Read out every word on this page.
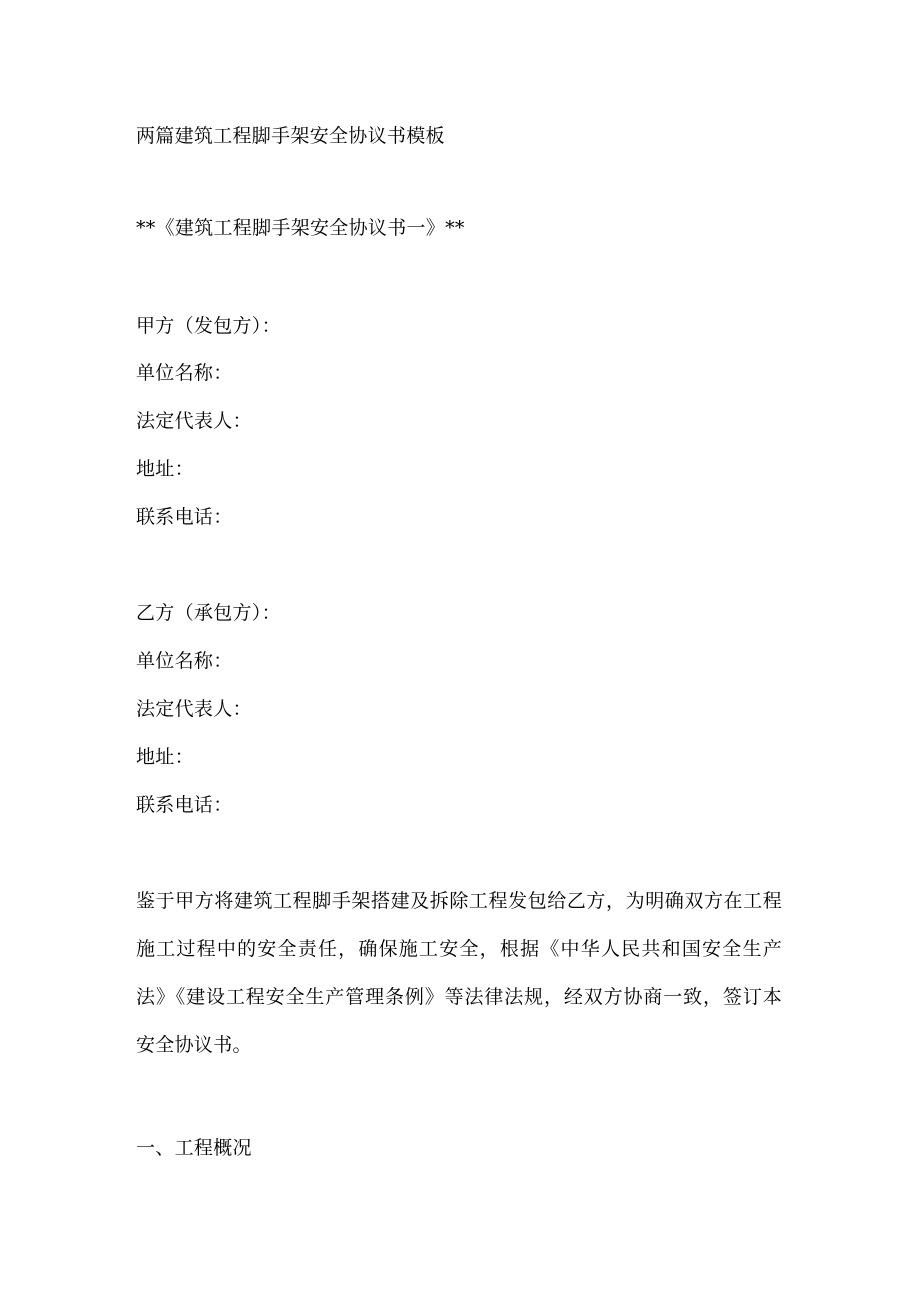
两篇建筑工程脚手架安全协议书模板
**《建筑工程脚手架安全协议书一》**
甲方（发包方）：
单位名称：
法定代表人：
地址：
联系电话：
乙方（承包方）：
单位名称：
法定代表人：
地址：
联系电话：
鉴于甲方将建筑工程脚手架搭建及拆除工程发包给乙方，为明确双方在工程施工过程中的安全责任，确保施工安全，根据《中华人民共和国安全生产法》《建设工程安全生产管理条例》等法律法规，经双方协商一致，签订本安全协议书。
一、工程概况
